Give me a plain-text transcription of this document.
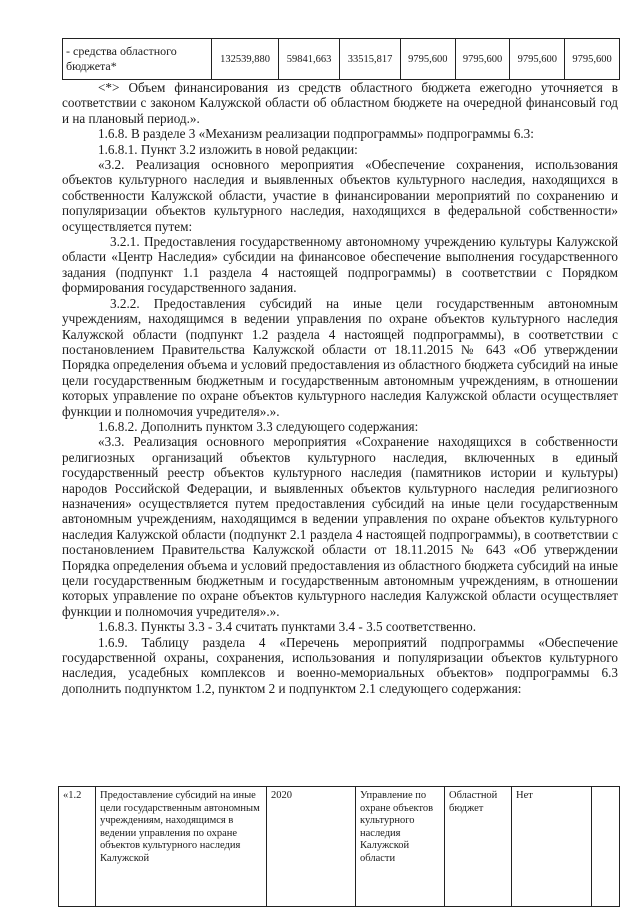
- средства областного бюджета*	132539,880	59841,663	33515,817	9795,600	9795,600	9795,600	9795,600

<*> Объем финансирования из средств областного бюджета ежегодно уточняется в соответствии с законом Калужской области об областном бюджете на очередной финансовый год и на плановый период.».

1.6.8. В разделе 3 «Механизм реализации подпрограммы» подпрограммы 6.3:

1.6.8.1. Пункт 3.2 изложить в новой редакции:

«3.2. Реализация основного мероприятия «Обеспечение сохранения, использования объектов культурного наследия и выявленных объектов культурного наследия, находящихся в собственности Калужской области, участие в финансировании мероприятий по сохранению и популяризации объектов культурного наследия, находящихся в федеральной собственности» осуществляется путем:

3.2.1. Предоставления государственному автономному учреждению культуры Калужской области «Центр Наследия» субсидии на финансовое обеспечение выполнения государственного задания (подпункт 1.1 раздела 4 настоящей подпрограммы) в соответствии с Порядком формирования государственного задания.

3.2.2. Предоставления субсидий на иные цели государственным автономным учреждениям, находящимся в ведении управления по охране объектов культурного наследия Калужской области (подпункт 1.2 раздела 4 настоящей подпрограммы), в соответствии с постановлением Правительства Калужской области от 18.11.2015 № 643 «Об утверждении Порядка определения объема и условий предоставления из областного бюджета субсидий на иные цели государственным бюджетным и государственным автономным учреждениям, в отношении которых управление по охране объектов культурного наследия Калужской области осуществляет функции и полномочия учредителя».».

1.6.8.2. Дополнить пунктом 3.3 следующего содержания:

«3.3. Реализация основного мероприятия «Сохранение находящихся в собственности религиозных организаций объектов культурного наследия, включенных в единый государственный реестр объектов культурного наследия (памятников истории и культуры) народов Российской Федерации, и выявленных объектов культурного наследия религиозного назначения» осуществляется путем предоставления субсидий на иные цели государственным автономным учреждениям, находящимся в ведении управления по охране объектов культурного наследия Калужской области (подпункт 2.1 раздела 4 настоящей подпрограммы), в соответствии с постановлением Правительства Калужской области от 18.11.2015 № 643 «Об утверждении Порядка определения объема и условий предоставления из областного бюджета субсидий на иные цели государственным бюджетным и государственным автономным учреждениям, в отношении которых управление по охране объектов культурного наследия Калужской области осуществляет функции и полномочия учредителя».».

1.6.8.3. Пункты 3.3 - 3.4 считать пунктами 3.4 - 3.5 соответственно.

1.6.9. Таблицу раздела 4 «Перечень мероприятий подпрограммы «Обеспечение государственной охраны, сохранения, использования и популяризации объектов культурного наследия, усадебных комплексов и военно-мемориальных объектов» подпрограммы 6.3 дополнить подпунктом 1.2, пунктом 2 и подпунктом 2.1 следующего содержания:

«1.2	Предоставление субсидий на иные цели государственным автономным учреждениям, находящимся в ведении управления по охране объектов культурного наследия Калужской	2020	Управление по охране объектов культурного наследия Калужской области	Областной бюджет	Нет	
